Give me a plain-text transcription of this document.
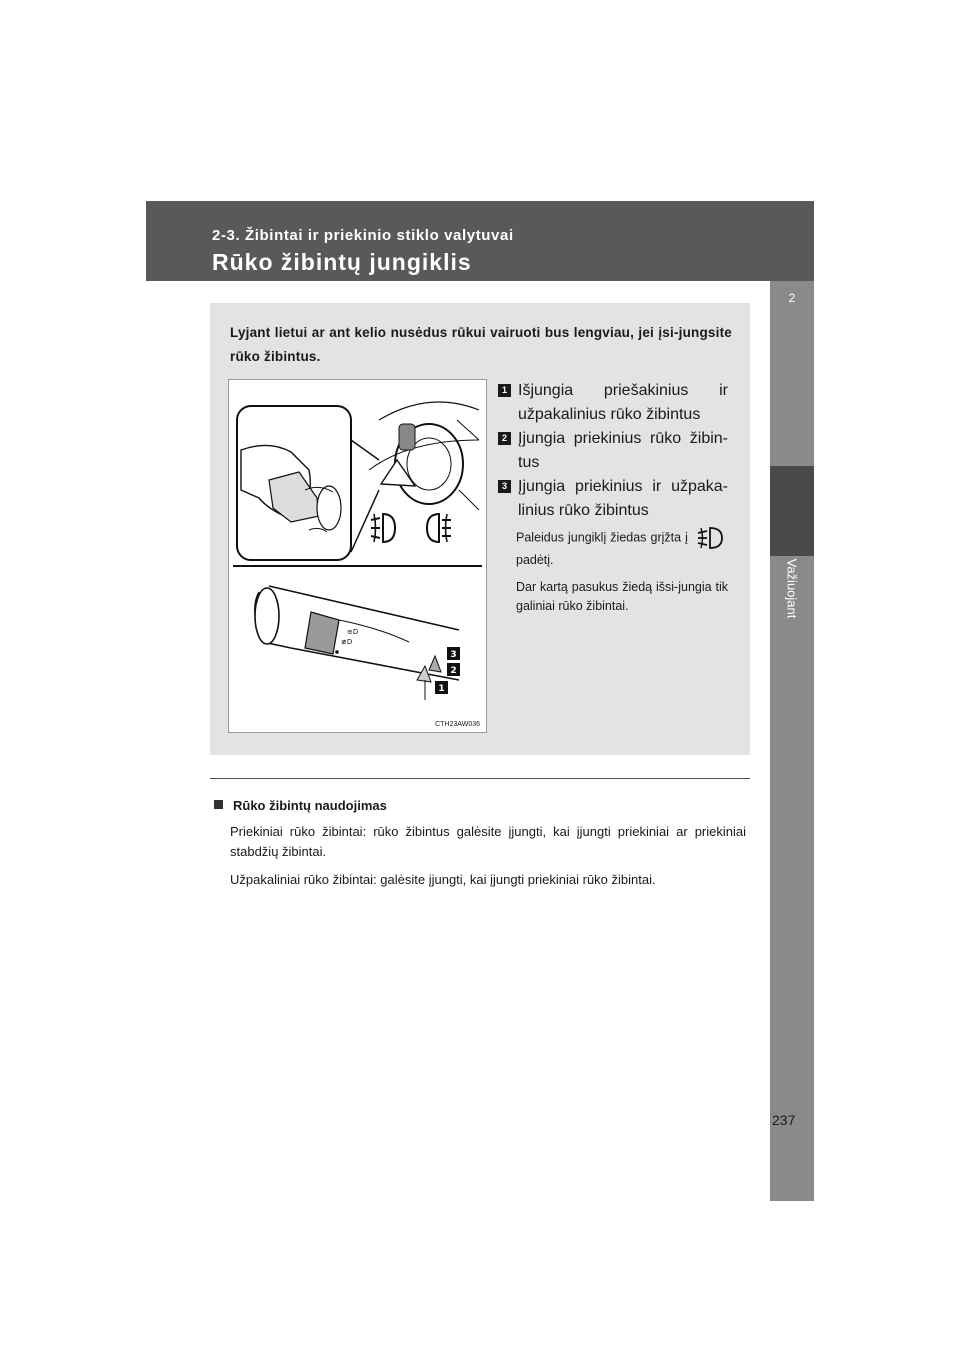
2-3. Žibintai ir priekinio stiklo valytuvai
Rūko žibintų jungiklis
2
Važiuojant
Lyjant lietui ar ant kelio nusėdus rūkui vairuoti bus lengviau, jei įsi-jungsite rūko žibintus.
≡D
≢D
3
2
1
CTH23AW036
1 Išjungia priešakinius ir užpakalinius rūko žibintus
2 Įjungia priekinius rūko žibin-tus
3 Įjungia priekinius ir užpaka-linius rūko žibintus

Paleidus jungiklį žiedas grįžta į  padėtį.

Dar kartą pasukus žiedą išsi-jungia tik galiniai rūko žibintai.

Rūko žibintų naudojimas

Priekiniai rūko žibintai: rūko žibintus galėsite įjungti, kai įjungti priekiniai ar priekiniai stabdžių žibintai.

Užpakaliniai rūko žibintai: galėsite įjungti, kai įjungti priekiniai rūko žibintai.

237
